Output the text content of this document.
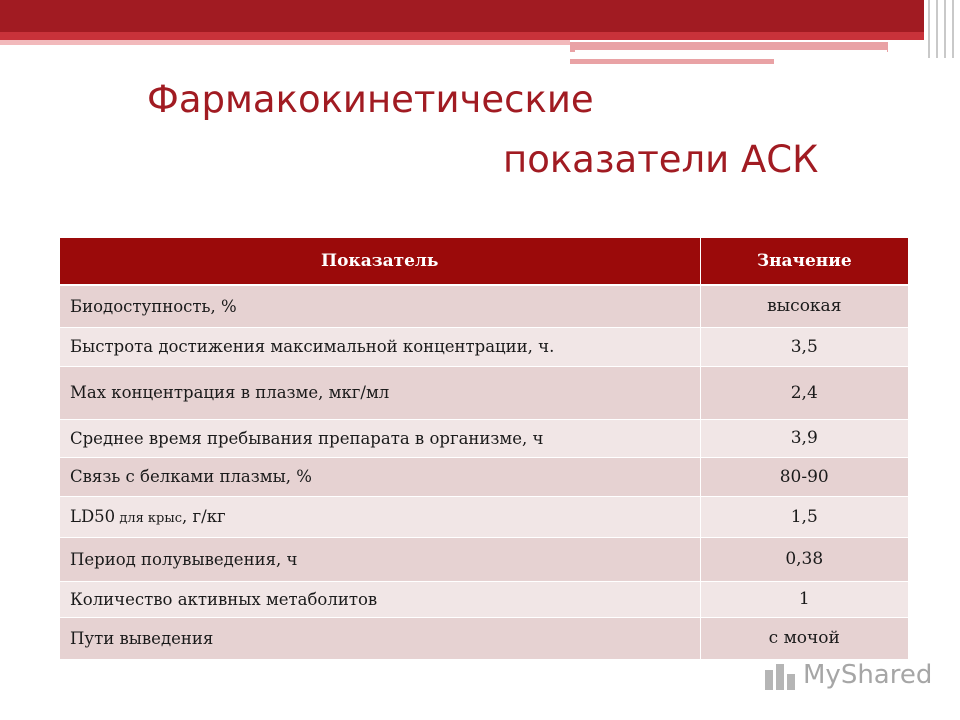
Фармакокинетические
показатели АСК
Показатель	Значение
Биодоступность, %	высокая
Быстрота достижения максимальной концентрации, ч.	3,5
Max концентрация в плазме, мкг/мл	2,4
Среднее время пребывания препарата в организме, ч	3,9
Связь с белками плазмы, %	80-90
LD50 для крыс, г/кг	1,5
Период полувыведения, ч	0,38
Количество активных метаболитов	1
Пути выведения	с мочой
MyShared
